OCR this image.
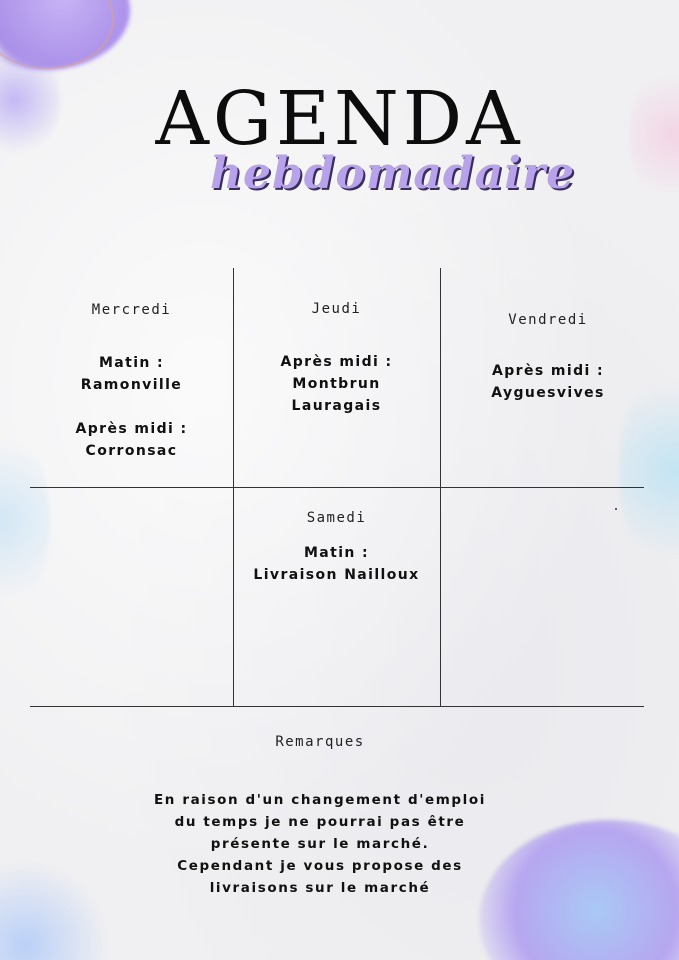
AGENDA
hebdomadaire
Mercredi
Matin :
Ramonville
Après midi :
Corronsac
Jeudi
Après midi :
Montbrun
Lauragais
Vendredi
Après midi :
Ayguesvives
Samedi
Matin :
Livraison Nailloux
Remarques

En raison d'un changement d'emploi
du temps je ne pourrai pas être
présente sur le marché.
Cependant je vous propose des
livraisons sur le marché
